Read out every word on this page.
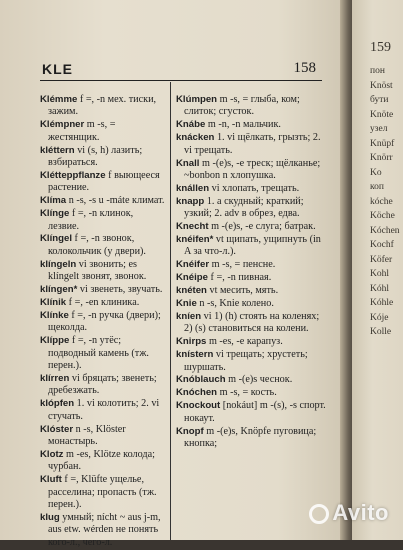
KLE	158
Klémme f =, -n мех. тиски, зажим.
Klémpner m -s, = жестянщик.
kléttern vi (s, h) лазить; взбираться.
Kléttерpflanze f выющееся растение.
Klíma n -s, -s u -máte климат.
Klínge f =, -n клинок, лезвие.
Klíngel f =, -n звонок, колокольчик (у двери).
klíngeln vi звонить; es klíngelt звонят, звонок.
klíngen* vi звенеть, звучать.
Klínik f =, -en клиника.
Klínke f =, -n ручка (двери); щеколда.
Klíppe f =, -n утёс; подводный камень (тж. перен.).
klírren vi бряцать; звенеть; дребезжать.
klópfen 1. vi колотить; 2. vi стучать.
Klóster n -s, Klöster монастырь.
Klotz m -es, Klötze колода; чурбан.
Kluft f =, Klüfte ущелье, расселина; пропасть (тж. перен.).
klug умный; nícht ~ aus j-m, aus etw. wérden не понять кого-л., чего-л.
Klúmpen m -s, = глыба, ком; слиток; сгусток.
Knábe m -n, -n мальчик.
knácken 1. vi щёлкать, грызть; 2. vi трещать.
Knall m -(e)s, -e треск; щёлканье; ~bonbon n хлопушка.
knállen vi хлопать, трещать.
knapp 1. a скудный; краткий; узкий; 2. adv в обрез, едва.
Knecht m -(e)s, -e слуга; батрак.
knéifen* vt щипать, ущипнуть (in A за что-л.).
Knéifer m -s, = пенсне.
Knéipe f =, -n пивная.
knéten vt месить, мять.
Knie n -s, Knie колено.
kníen vi 1) (h) стоять на коленях; 2) (s) становиться на колени.
Knirps m -es, -e карапуз.
knístern vi трещать; хрустеть; шуршать.
Knóblauch m -(e)s чеснок.
Knóchen m -s, = кость.
Knockout [nokáut] m -(s), -s спорт. нокаут.
Knopf m -(e)s, Knöpfe пуговица; кнопка;
159
пон
Knöst
бути
Knöte
узел
Knüpf
Knörr
Ko
коп
kóche
Köche
Kóchen
Kochf
Köfer
Kohl
Kóhl
Kóhle
Kóje
Kolle
Avito
